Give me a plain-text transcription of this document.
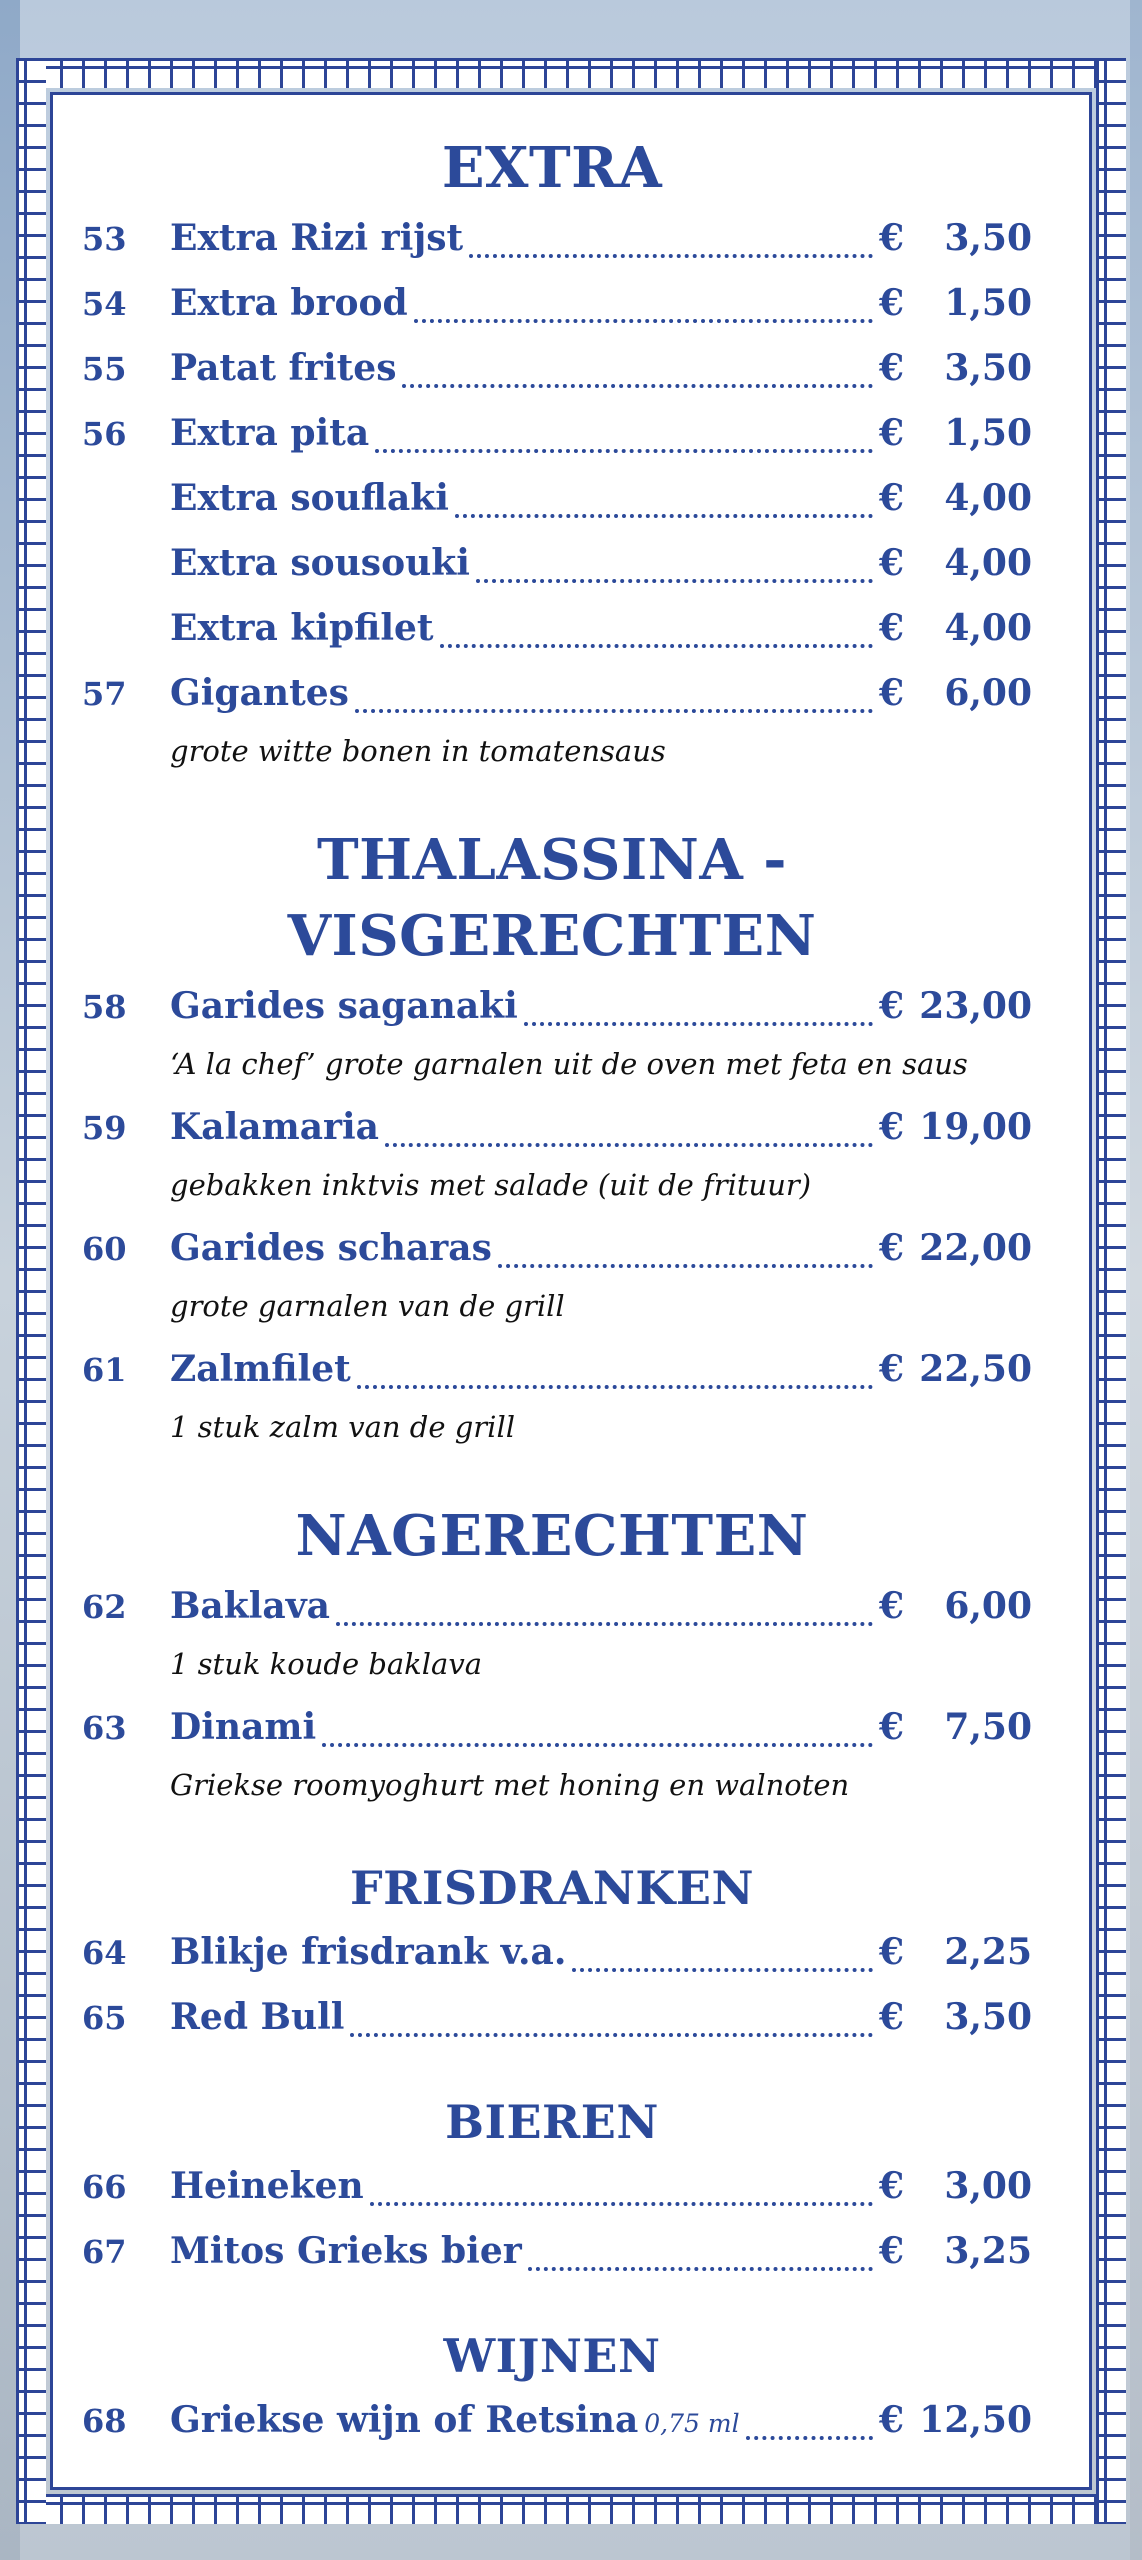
EXTRA
53	Extra Rizi rijst	€	3,50
54	Extra brood	€	1,50
55	Patat frites	€	3,50
56	Extra pita	€	1,50
Extra souflaki	€	4,00
Extra sousouki	€	4,00
Extra kipfilet	€	4,00
57	Gigantes	€	6,00
grote witte bonen in tomatensaus
THALASSINA - VISGERECHTEN
58	Garides saganaki	€ 23,00
‘A la chef’ grote garnalen uit de oven met feta en saus
59	Kalamaria	€ 19,00
gebakken inktvis met salade (uit de frituur)
60	Garides scharas	€ 22,00
grote garnalen van de grill
61	Zalmfilet	€ 22,50
1 stuk zalm van de grill
NAGERECHTEN
62	Baklava	€	6,00
1 stuk koude baklava
63	Dinami	€	7,50
Griekse roomyoghurt met honing en walnoten
FRISDRANKEN
64	Blikje frisdrank v.a.	€	2,25
65	Red Bull	€	3,50
BIEREN
66	Heineken	€	3,00
67	Mitos Grieks bier	€	3,25
WIJNEN
68	Griekse wijn of Retsina 0,75 ml	€ 12,50
